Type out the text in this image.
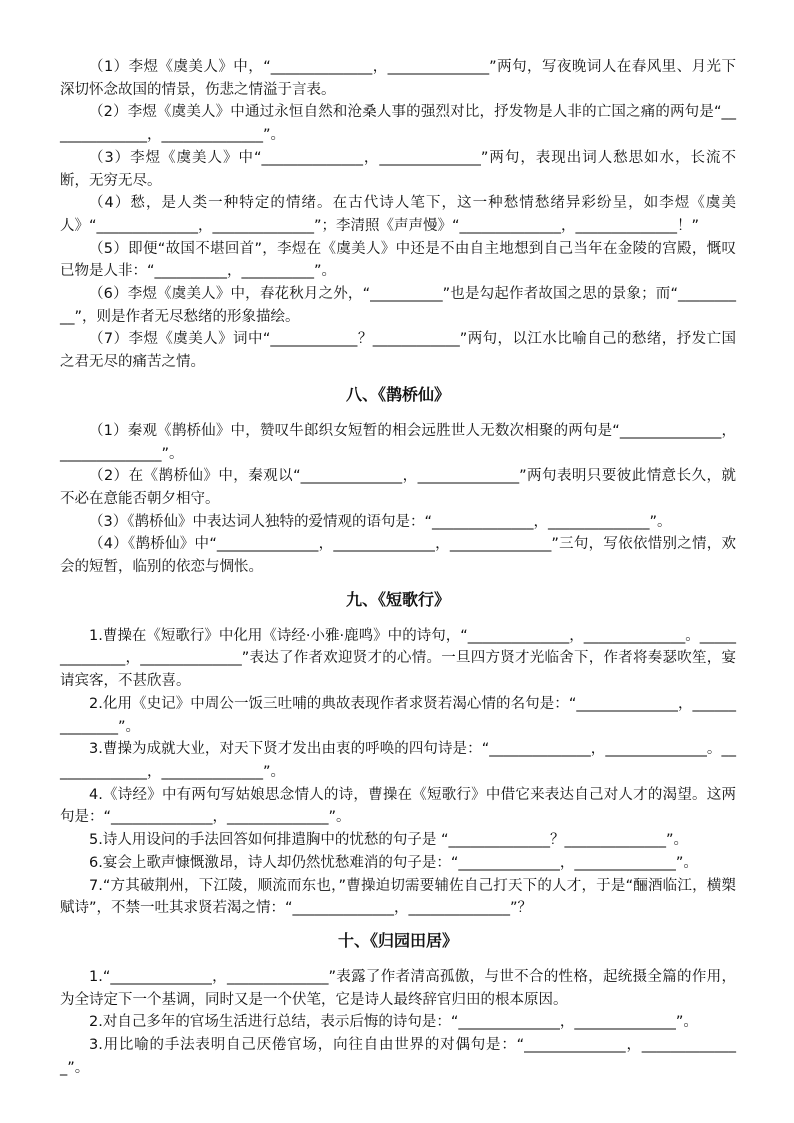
（1）李煜《虞美人》中，“______________，______________”两句，写夜晚词人在春风里、月光下深切怀念故国的情景，伤悲之情溢于言表。

（2）李煜《虞美人》中通过永恒自然和沧桑人事的强烈对比，抒发物是人非的亡国之痛的两句是“______________，______________”。

（3）李煜《虞美人》中“______________，______________”两句，表现出词人愁思如水，长流不断，无穷无尽。

（4）愁，是人类一种特定的情绪。在古代诗人笔下，这一种愁情愁绪异彩纷呈，如李煜《虞美人》“______________，______________”；李清照《声声慢》“______________，______________！”

（5）即便“故国不堪回首”，李煜在《虞美人》中还是不由自主地想到自己当年在金陵的宫殿，慨叹已物是人非：“__________，__________”。

（6）李煜《虞美人》中，春花秋月之外，“__________”也是勾起作者故国之思的景象；而“__________”，则是作者无尽愁绪的形象描绘。

（7）李煜《虞美人》词中“____________？____________”两句，以江水比喻自己的愁绪，抒发亡国之君无尽的痛苦之情。

八、《鹊桥仙》

（1）秦观《鹊桥仙》中，赞叹牛郎织女短暂的相会远胜世人无数次相聚的两句是“______________，______________”。

（2）在《鹊桥仙》中，秦观以“______________，______________”两句表明只要彼此情意长久，就不必在意能否朝夕相守。

（3）《鹊桥仙》中表达词人独特的爱情观的语句是：“______________，______________”。

（4）《鹊桥仙》中“______________，______________，______________”三句，写依依惜别之情，欢会的短暂，临别的依恋与惆怅。

九、《短歌行》

1.曹操在《短歌行》中化用《诗经·小雅·鹿鸣》中的诗句，“______________，______________。______________，______________”表达了作者欢迎贤才的心情。一旦四方贤才光临舍下，作者将奏瑟吹笙，宴请宾客，不甚欣喜。

2.化用《史记》中周公一饭三吐哺的典故表现作者求贤若渴心情的名句是：“______________，______________”。

3.曹操为成就大业，对天下贤才发出由衷的呼唤的四句诗是：“______________，______________。______________，______________”。

4.《诗经》中有两句写姑娘思念情人的诗，曹操在《短歌行》中借它来表达自己对人才的渴望。这两句是：“______________，______________”。

5.诗人用设问的手法回答如何排遣胸中的忧愁的句子是 “______________？______________”。

6.宴会上歌声慷慨激昂，诗人却仍然忧愁难消的句子是：“______________，______________”。

7.“方其破荆州，下江陵，顺流而东也，”曹操迫切需要辅佐自己打天下的人才，于是“酾酒临江，横槊赋诗”，不禁一吐其求贤若渴之情：“______________，______________”？

十、《归园田居》

1.“______________，______________”表露了作者清高孤傲，与世不合的性格，起统摄全篇的作用，为全诗定下一个基调，同时又是一个伏笔，它是诗人最终辞官归田的根本原因。

2.对自己多年的官场生活进行总结，表示后悔的诗句是：“______________，______________”。

3.用比喻的手法表明自己厌倦官场，向往自由世界的对偶句是：“______________，______________”。
